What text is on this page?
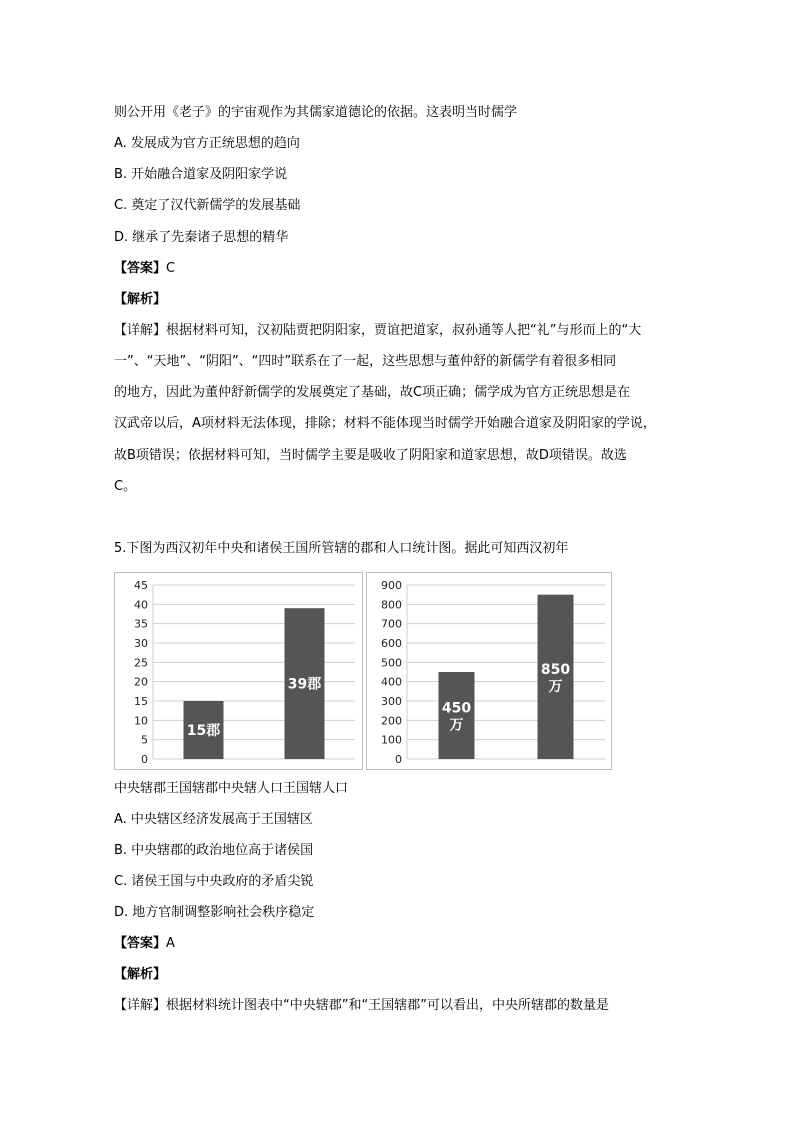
则公开用《老子》的宇宙观作为其儒家道德论的依据。这表明当时儒学
A. 发展成为官方正统思想的趋向
B. 开始融合道家及阴阳家学说
C. 奠定了汉代新儒学的发展基础
D. 继承了先秦诸子思想的精华
【答案】C
【解析】
【详解】根据材料可知，汉初陆贾把阴阳家，贾谊把道家，叔孙通等人把“礼”与形而上的“大
一”、“天地”、“阴阳”、“四时”联系在了一起，这些思想与董仲舒的新儒学有着很多相同
的地方，因此为董仲舒新儒学的发展奠定了基础，故C项正确；儒学成为官方正统思想是在
汉武帝以后，A项材料无法体现，排除；材料不能体现当时儒学开始融合道家及阴阳家的学说，
故B项错误；依据材料可知，当时儒学主要是吸收了阴阳家和道家思想，故D项错误。故选
C。
5.下图为西汉初年中央和诸侯王国所管辖的郡和人口统计图。据此可知西汉初年
0
5
10
15
20
25
30
35
40
45
15郡
39郡
0
100
200
300
400
500
600
700
800
900
450
万
850
万
中央辖郡王国辖郡中央辖人口王国辖人口
A. 中央辖区经济发展高于王国辖区
B. 中央辖郡的政治地位高于诸侯国
C. 诸侯王国与中央政府的矛盾尖锐
D. 地方官制调整影响社会秩序稳定
【答案】A
【解析】
【详解】根据材料统计图表中“中央辖郡”和“王国辖郡”可以看出，中央所辖郡的数量是
